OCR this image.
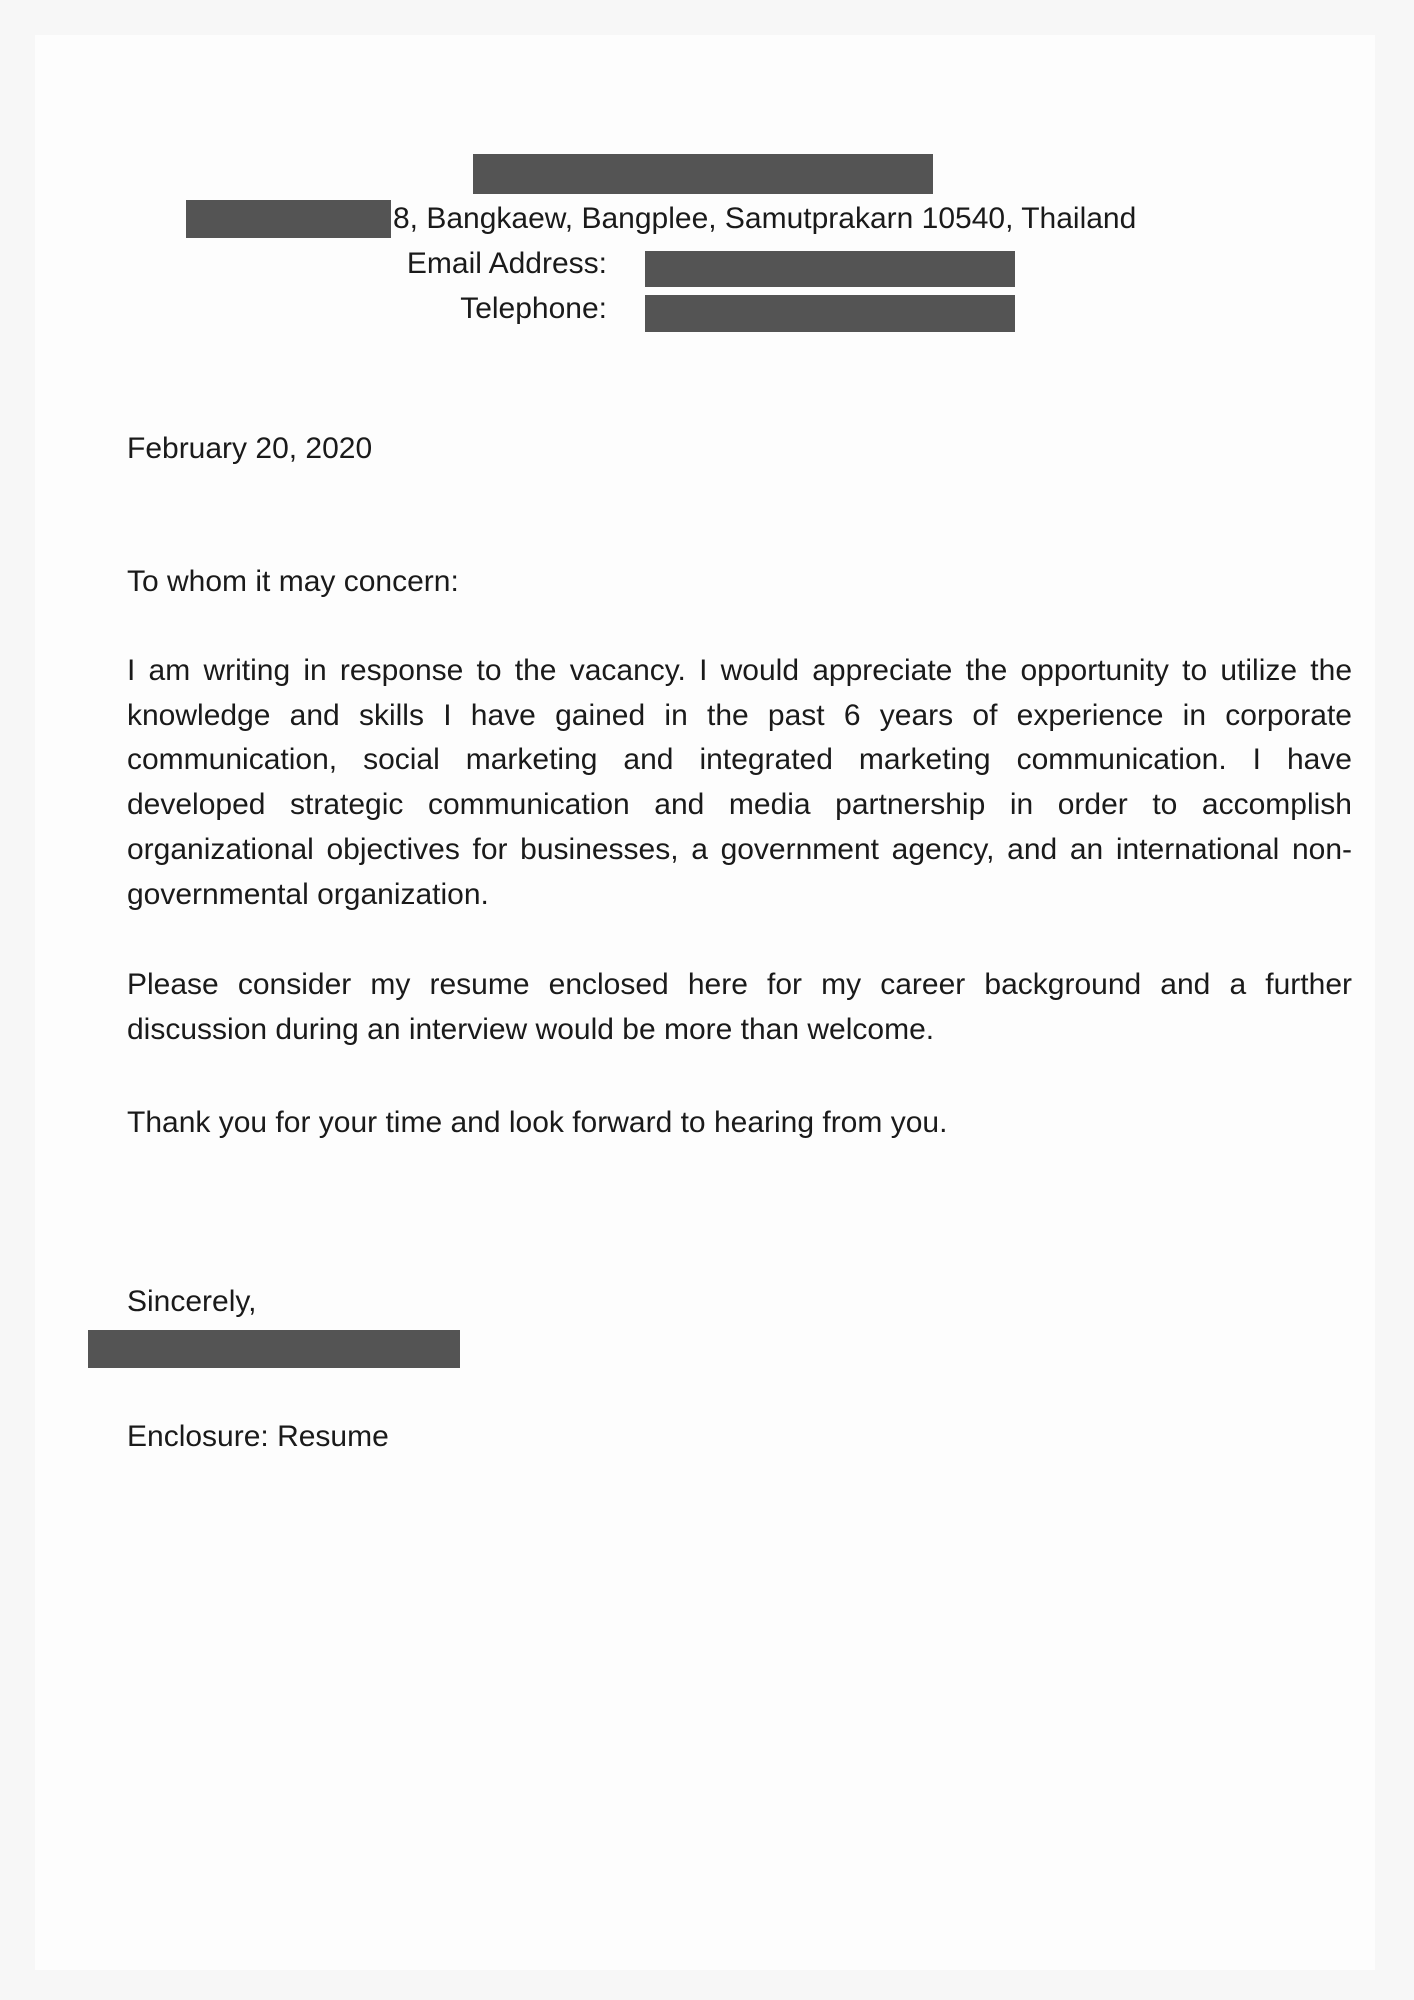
8, Bangkaew, Bangplee, Samutprakarn 10540, Thailand
Email Address:
Telephone:
February 20, 2020
To whom it may concern:

I am writing in response to the vacancy. I would appreciate the opportunity to utilize the knowledge and skills I have gained in the past 6 years of experience in corporate communication, social marketing and integrated marketing communication. I have developed strategic communication and media partnership in order to accomplish organizational objectives for businesses, a government agency, and an international non-governmental organization.

Please consider my resume enclosed here for my career background and a further discussion during an interview would be more than welcome.

Thank you for your time and look forward to hearing from you.
Sincerely,
Enclosure: Resume
